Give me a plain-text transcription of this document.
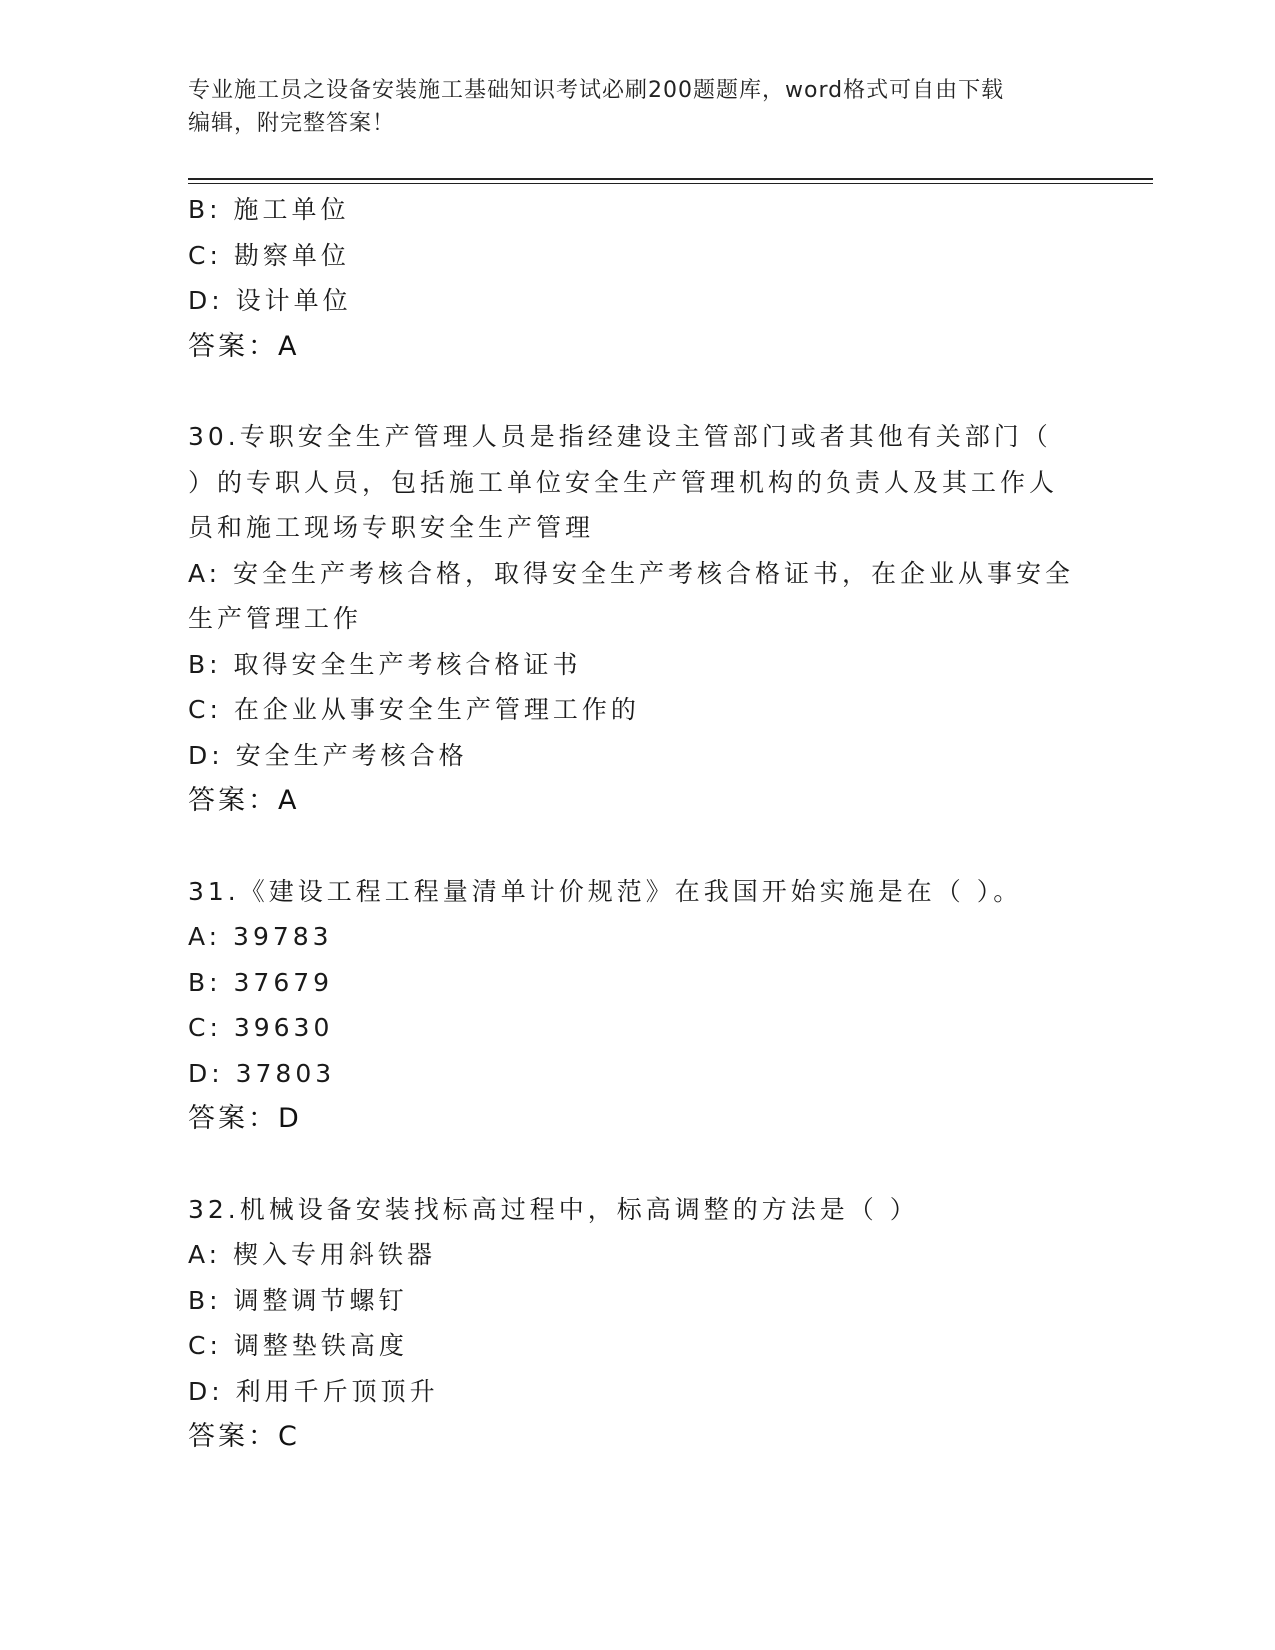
专业施工员之设备安装施工基础知识考试必刷200题题库，word格式可自由下载
编辑，附完整答案！
B: 施工单位
C: 勘察单位
D: 设计单位
答案：A
30.专职安全生产管理人员是指经建设主管部门或者其他有关部门（
）的专职人员，包括施工单位安全生产管理机构的负责人及其工作人
员和施工现场专职安全生产管理
A: 安全生产考核合格，取得安全生产考核合格证书，在企业从事安全
生产管理工作
B: 取得安全生产考核合格证书
C: 在企业从事安全生产管理工作的
D: 安全生产考核合格
答案：A
31.《建设工程工程量清单计价规范》在我国开始实施是在（ ）。
A: 39783
B: 37679
C: 39630
D: 37803
答案：D
32.机械设备安装找标高过程中，标高调整的方法是（ ）
A: 楔入专用斜铁器
B: 调整调节螺钉
C: 调整垫铁高度
D: 利用千斤顶顶升
答案：C
